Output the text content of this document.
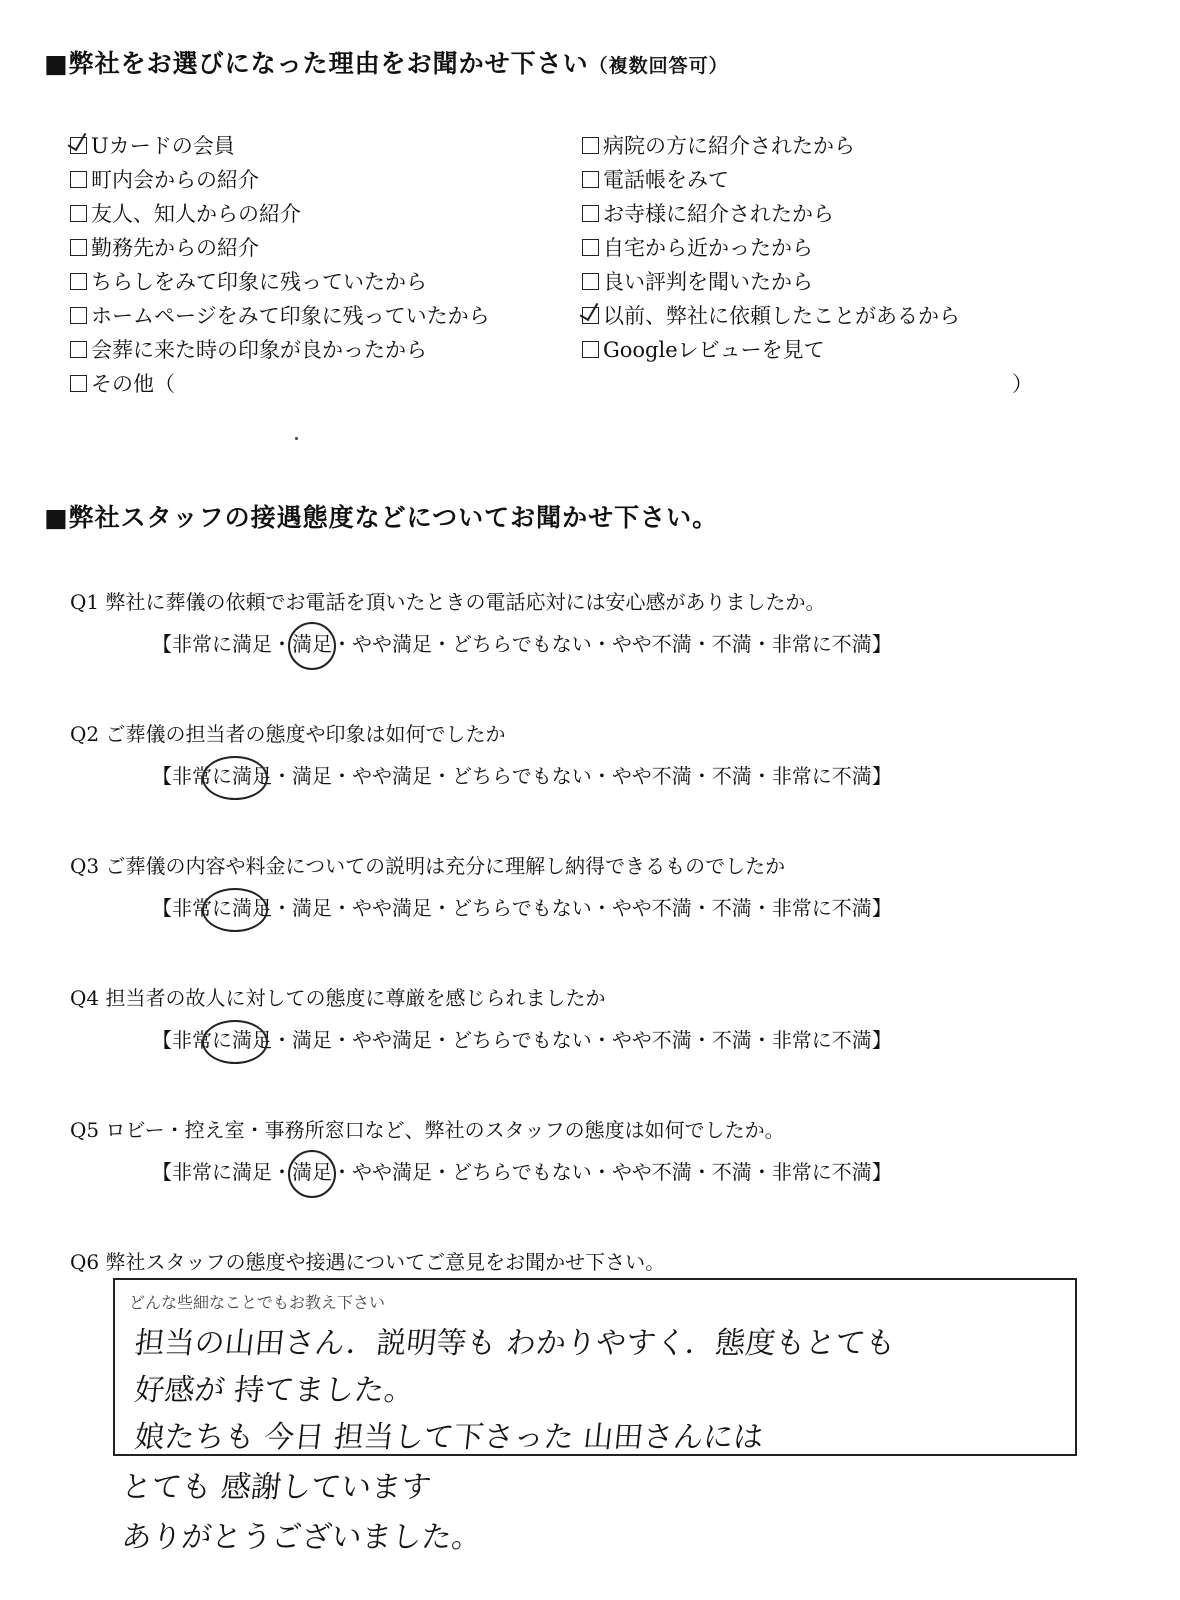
■弊社をお選びになった理由をお聞かせ下さい（複数回答可）
Uカードの会員
町内会からの紹介
友人、知人からの紹介
勤務先からの紹介
ちらしをみて印象に残っていたから
ホームページをみて印象に残っていたから
会葬に来た時の印象が良かったから
その他（	）
病院の方に紹介されたから
電話帳をみて
お寺様に紹介されたから
自宅から近かったから
良い評判を聞いたから
以前、弊社に依頼したことがあるから
Googleレビューを見て
■弊社スタッフの接遇態度などについてお聞かせ下さい。
Q1 弊社に葬儀の依頼でお電話を頂いたときの電話応対には安心感がありましたか。
【非常に満足・満足
・やや満足・どちらでもない・やや不満・不満・非常に不満】
Q2 ご葬儀の担当者の態度や印象は如何でしたか
【非常に満足
・満足・やや満足・どちらでもない・やや不満・不満・非常に不満】
Q3 ご葬儀の内容や料金についての説明は充分に理解し納得できるものでしたか
【非常に満足
・満足・やや満足・どちらでもない・やや不満・不満・非常に不満】
Q4 担当者の故人に対しての態度に尊厳を感じられましたか
【非常に満足
・満足・やや満足・どちらでもない・やや不満・不満・非常に不満】
Q5 ロビー・控え室・事務所窓口など、弊社のスタッフの態度は如何でしたか。
【非常に満足・満足
・やや満足・どちらでもない・やや不満・不満・非常に不満】
Q6 弊社スタッフの態度や接遇についてご意見をお聞かせ下さい。
どんな些細なことでもお教え下さい
担当の山田さん．説明等も わかりやすく．態度もとても
好感が 持てました。
娘たちも 今日 担当して下さった 山田さんには
とても 感謝しています
ありがとうございました。
